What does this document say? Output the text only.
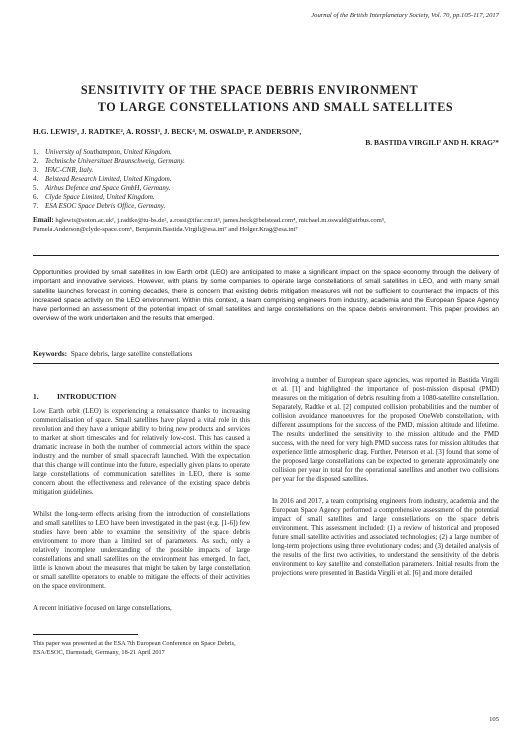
Journal of the British Interplanetary Society, Vol. 70, pp.105-117, 2017
SENSITIVITY OF THE SPACE DEBRIS ENVIRONMENT
TO LARGE CONSTELLATIONS AND SMALL SATELLITES
H.G. LEWIS¹, J. RADTKE², A. ROSSI³, J. BECK⁴, M. OSWALD⁵, P. ANDERSON⁶,
B. BASTIDA VIRGILI⁷ AND H. KRAG⁷*
1. University of Southampton, United Kingdom.
2. Technische Universitaet Braunschweig, Germany.
3. IFAC-CNR, Italy.
4. Belstead Research Limited, United Kingdom.
5. Airbus Defence and Space GmbH, Germany.
6. Clyde Space Limited, United Kingdom.
7. ESA ESOC Space Debris Office, Germany.
Email: hglewis@soton.ac.uk¹, j.radtke@tu-bs.de², a.rossi@ifac.cnr.it³, james.beck@belstead.com⁴, michael.m.oswald@airbus.com⁵,
Pamela.Anderson@clyde-space.com⁶, Benjamin.Bastida.Virgili@esa.int⁷ and Holger.Krag@esa.int⁷
Opportunities provided by small satellites in low Earth orbit (LEO) are anticipated to make a significant impact on the space economy through the delivery of important and innovative services. However, with plans by some companies to operate large constellations of small satellites in LEO, and with many small satellite launches forecast in coming decades, there is concern that existing debris mitigation measures will not be sufficient to counteract the impacts of this increased space activity on the LEO environment. Within this context, a team comprising engineers from industry, academia and the European Space Agency have performed an assessment of the potential impact of small satellites and large constellations on the space debris environment. This paper provides an overview of the work undertaken and the results that emerged.
Keywords: Space debris, large satellite constellations
1. INTRODUCTION

Low Earth orbit (LEO) is experiencing a renaissance thanks to increasing commercialisation of space. Small satellites have played a vital role in this revolution and they have a unique ability to bring new products and services to market at short timescales and for relatively low-cost. This has caused a dramatic increase in both the number of commercial actors within the space industry and the number of small spacecraft launched. With the expectation that this change will continue into the future, especially given plans to operate large constellations of communication satellites in LEO, there is some concern about the effectiveness and relevance of the existing space debris mitigation guidelines.

Whilst the long-term effects arising from the introduction of constellations and small satellites to LEO have been investigated in the past (e.g. [1-6]) few studies have been able to examine the sensitivity of the space debris environment to more than a limited set of parameters. As such, only a relatively incomplete understanding of the possible impacts of large constellations and small satellites on the environment has emerged. In fact, little is known about the measures that might be taken by large constellation or small satellite operators to enable to mitigate the effects of their activities on the space environment.

A recent initiative focused on large constellations,

involving a number of European space agencies, was reported in Bastida Virgili et al. [1] and highlighted the importance of post-mission disposal (PMD) measures on the mitigation of debris resulting from a 1080-satellite constellation. Separately, Radtke et al. [2] computed collision probabilities and the number of collision avoidance manoeuvres for the proposed OneWeb constellation, with different assumptions for the success of the PMD, mission altitude and lifetime. The results underlined the sensitivity to the mission altitude and the PMD success, with the need for very high PMD success rates for mission altitudes that experience little atmospheric drag. Further, Peterson et al. [3] found that some of the proposed large constellations can be expected to generate approximately one collision per year in total for the operational satellites and another two collisions per year for the disposed satellites.

In 2016 and 2017, a team comprising engineers from industry, academia and the European Space Agency performed a comprehensive assessment of the potential impact of small satellites and large constellations on the space debris environment. This assessment included: (1) a review of historical and proposed future small satellite activities and associated technologies; (2) a large number of long-term projections using three evolutionary codes; and (3) detailed analysis of the results of the first two activities, to understand the sensitivity of the debris environment to key satellite and constellation parameters. Initial results from the projections were presented in Bastida Virgili et al. [6] and more detailed

This paper was presented at the ESA 7th European Conference on Space Debris, ESA/ESOC, Darmstadt, Germany, 18-21 April 2017
105
